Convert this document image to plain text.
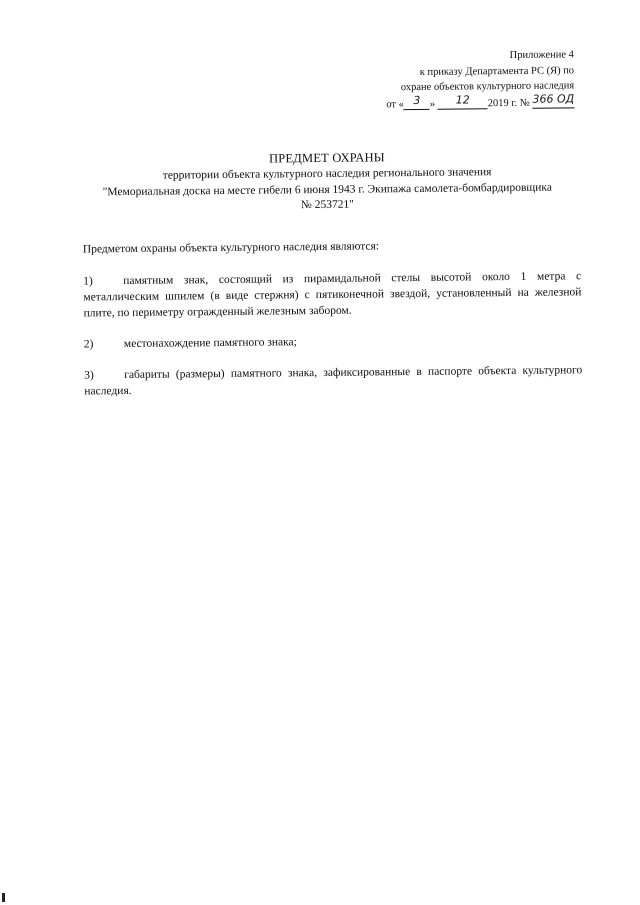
Приложение 4
к приказу Департамента РС (Я) по
охране объектов культурного наследия
от « 3 » 12 2019 г. № 366 ОД
ПРЕДМЕТ ОХРАНЫ
территории объекта культурного наследия регионального значения
"Мемориальная доска на месте гибели 6 июня 1943 г. Экипажа самолета-бомбардировщика
№ 253721"

Предметом охраны объекта культурного наследия являются:

1)	памятным знак, состоящий из пирамидальной стелы высотой около 1 метра с металлическим шпилем (в виде стержня) с пятиконечной звездой, установленный на железной плите, по периметру огражденный железным забором.

2)	местонахождение памятного знака;

3)	габариты (размеры) памятного знака, зафиксированные в паспорте объекта культурного наследия.
